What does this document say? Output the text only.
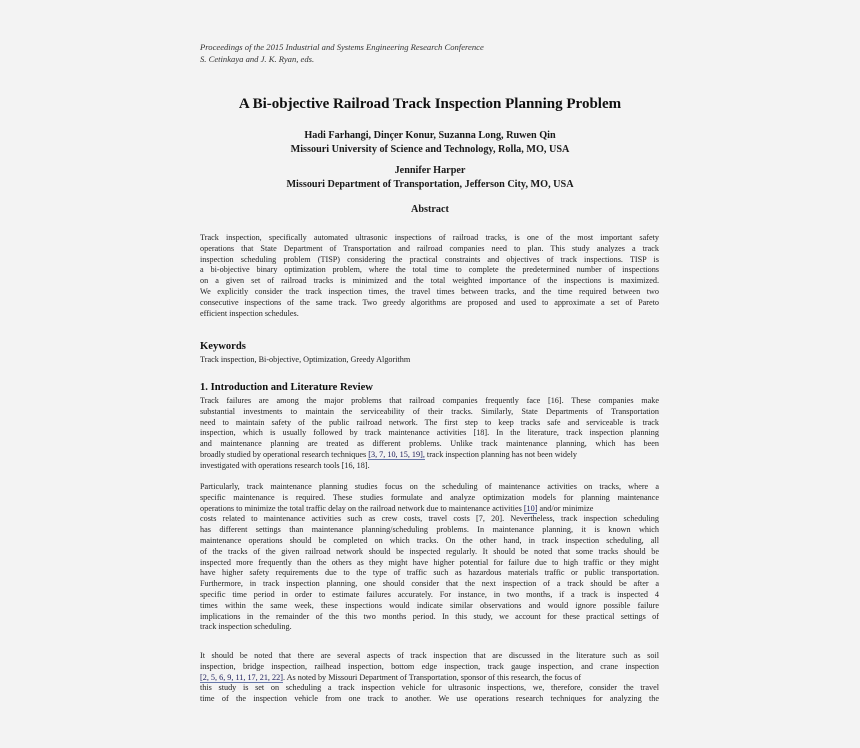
Proceedings of the 2015 Industrial and Systems Engineering Research Conference
S. Cetinkaya and J. K. Ryan, eds.
A Bi-objective Railroad Track Inspection Planning Problem
Hadi Farhangi, Dinçer Konur, Suzanna Long, Ruwen Qin
Missouri University of Science and Technology, Rolla, MO, USA
Jennifer Harper
Missouri Department of Transportation, Jefferson City, MO, USA
Abstract
Track inspection, specifically automated ultrasonic inspections of railroad tracks, is one of the most important safety
operations that State Department of Transportation and railroad companies need to plan. This study analyzes a track
inspection scheduling problem (TISP) considering the practical constraints and objectives of track inspections. TISP is
a bi-objective binary optimization problem, where the total time to complete the predetermined number of inspections
on a given set of railroad tracks is minimized and the total weighted importance of the inspections is maximized.
We explicitly consider the track inspection times, the travel times between tracks, and the time required between two
consecutive inspections of the same track. Two greedy algorithms are proposed and used to approximate a set of Pareto
efficient inspection schedules.
Keywords
Track inspection, Bi-objective, Optimization, Greedy Algorithm
1. Introduction and Literature Review
Track failures are among the major problems that railroad companies frequently face [16]. These companies make
substantial investments to maintain the serviceability of their tracks. Similarly, State Departments of Transportation
need to maintain safety of the public railroad network. The first step to keep tracks safe and serviceable is track
inspection, which is usually followed by track maintenance activities [18]. In the literature, track inspection planning
and maintenance planning are treated as different problems. Unlike track maintenance planning, which has been
broadly studied by operational research techniques [3, 7, 10, 15, 19], track inspection planning has not been widely
investigated with operations research tools [16, 18].
Particularly, track maintenance planning studies focus on the scheduling of maintenance activities on tracks, where a
specific maintenance is required. These studies formulate and analyze optimization models for planning maintenance
operations to minimize the total traffic delay on the railroad network due to maintenance activities [10] and/or minimize
costs related to maintenance activities such as crew costs, travel costs [7, 20]. Nevertheless, track inspection scheduling
has different settings than maintenance planning/scheduling problems. In maintenance planning, it is known which
maintenance operations should be completed on which tracks. On the other hand, in track inspection scheduling, all
of the tracks of the given railroad network should be inspected regularly. It should be noted that some tracks should be
inspected more frequently than the others as they might have higher potential for failure due to high traffic or they might
have higher safety requirements due to the type of traffic such as hazardous materials traffic or public transportation.
Furthermore, in track inspection planning, one should consider that the next inspection of a track should be after a
specific time period in order to estimate failures accurately. For instance, in two months, if a track is inspected 4
times within the same week, these inspections would indicate similar observations and would ignore possible failure
implications in the remainder of the this two months period. In this study, we account for these practical settings of
track inspection scheduling.
It should be noted that there are several aspects of track inspection that are discussed in the literature such as soil
inspection, bridge inspection, railhead inspection, bottom edge inspection, track gauge inspection, and crane inspection
[2, 5, 6, 9, 11, 17, 21, 22]. As noted by Missouri Department of Transportation, sponsor of this research, the focus of
this study is set on scheduling a track inspection vehicle for ultrasonic inspections, we, therefore, consider the travel
time of the inspection vehicle from one track to another. We use operations research techniques for analyzing the
